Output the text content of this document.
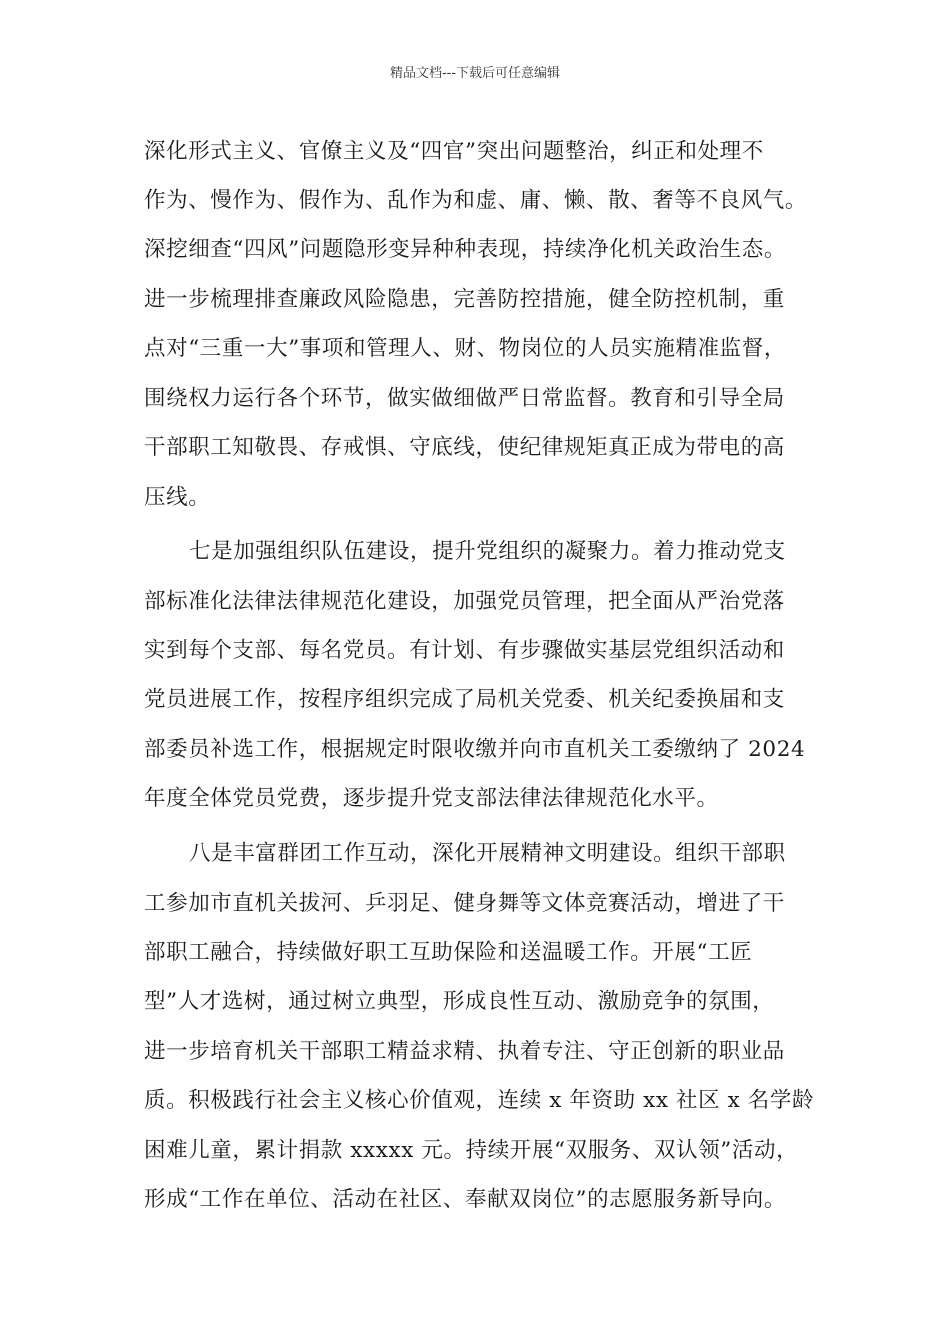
精品文档---下载后可任意编辑
深化形式主义、官僚主义及“四官”突出问题整治，纠正和处理不
作为、慢作为、假作为、乱作为和虚、庸、懒、散、奢等不良风气。
深挖细查“四风”问题隐形变异种种表现，持续净化机关政治生态。
进一步梳理排查廉政风险隐患，完善防控措施，健全防控机制，重
点对“三重一大”事项和管理人、财、物岗位的人员实施精准监督，
围绕权力运行各个环节，做实做细做严日常监督。教育和引导全局
干部职工知敬畏、存戒惧、守底线，使纪律规矩真正成为带电的高
压线。
七是加强组织队伍建设，提升党组织的凝聚力。着力推动党支
部标准化法律法律规范化建设，加强党员管理，把全面从严治党落
实到每个支部、每名党员。有计划、有步骤做实基层党组织活动和
党员进展工作，按程序组织完成了局机关党委、机关纪委换届和支
部委员补选工作，根据规定时限收缴并向市直机关工委缴纳了 2024
年度全体党员党费，逐步提升党支部法律法律规范化水平。
八是丰富群团工作互动，深化开展精神文明建设。组织干部职
工参加市直机关拔河、乒羽足、健身舞等文体竞赛活动，增进了干
部职工融合，持续做好职工互助保险和送温暖工作。开展“工匠
型”人才选树，通过树立典型，形成良性互动、激励竞争的氛围，
进一步培育机关干部职工精益求精、执着专注、守正创新的职业品
质。积极践行社会主义核心价值观，连续 x 年资助 xx 社区 x 名学龄
困难儿童，累计捐款 xxxxx 元。持续开展“双服务、双认领”活动，
形成“工作在单位、活动在社区、奉献双岗位”的志愿服务新导向。
